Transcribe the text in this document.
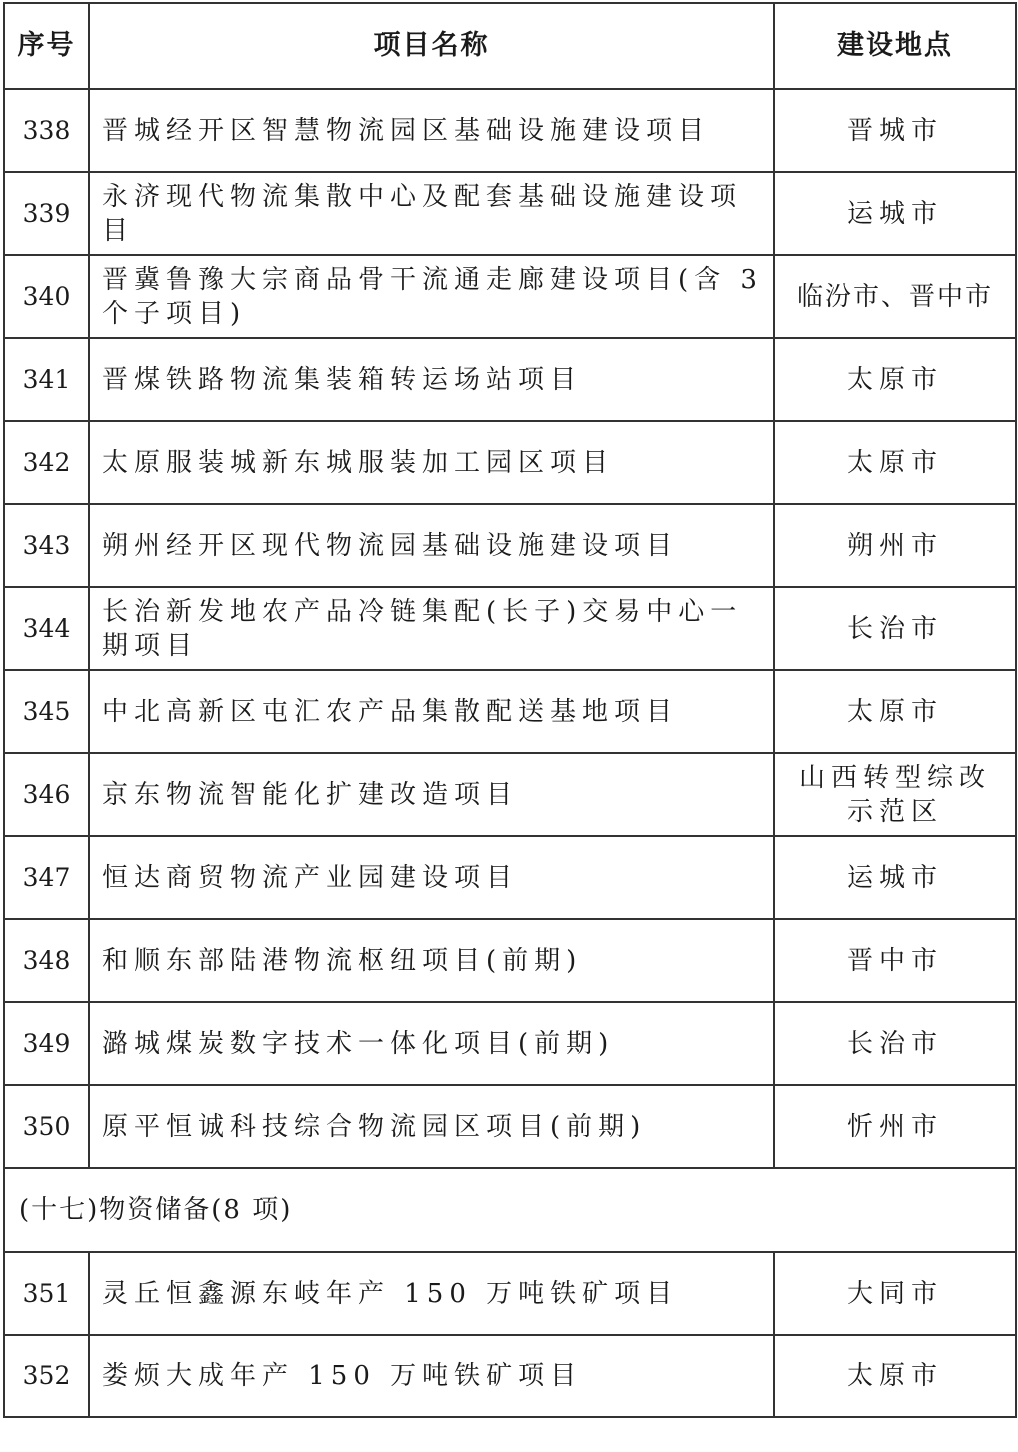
序号	项目名称	建设地点
338	晋城经开区智慧物流园区基础设施建设项目	晋城市
339	永济现代物流集散中心及配套基础设施建设项目	运城市
340	晋冀鲁豫大宗商品骨干流通走廊建设项目(含 3 个子项目)	临汾市、晋中市
341	晋煤铁路物流集装箱转运场站项目	太原市
342	太原服装城新东城服装加工园区项目	太原市
343	朔州经开区现代物流园基础设施建设项目	朔州市
344	长治新发地农产品冷链集配(长子)交易中心一期项目	长治市
345	中北高新区屯汇农产品集散配送基地项目	太原市
346	京东物流智能化扩建改造项目	山西转型综改示范区
347	恒达商贸物流产业园建设项目	运城市
348	和顺东部陆港物流枢纽项目(前期)	晋中市
349	潞城煤炭数字技术一体化项目(前期)	长治市
350	原平恒诚科技综合物流园区项目(前期)	忻州市
(十七)物资储备(8 项)		
351	灵丘恒鑫源东岐年产 150 万吨铁矿项目	大同市
352	娄烦大成年产 150 万吨铁矿项目	太原市
